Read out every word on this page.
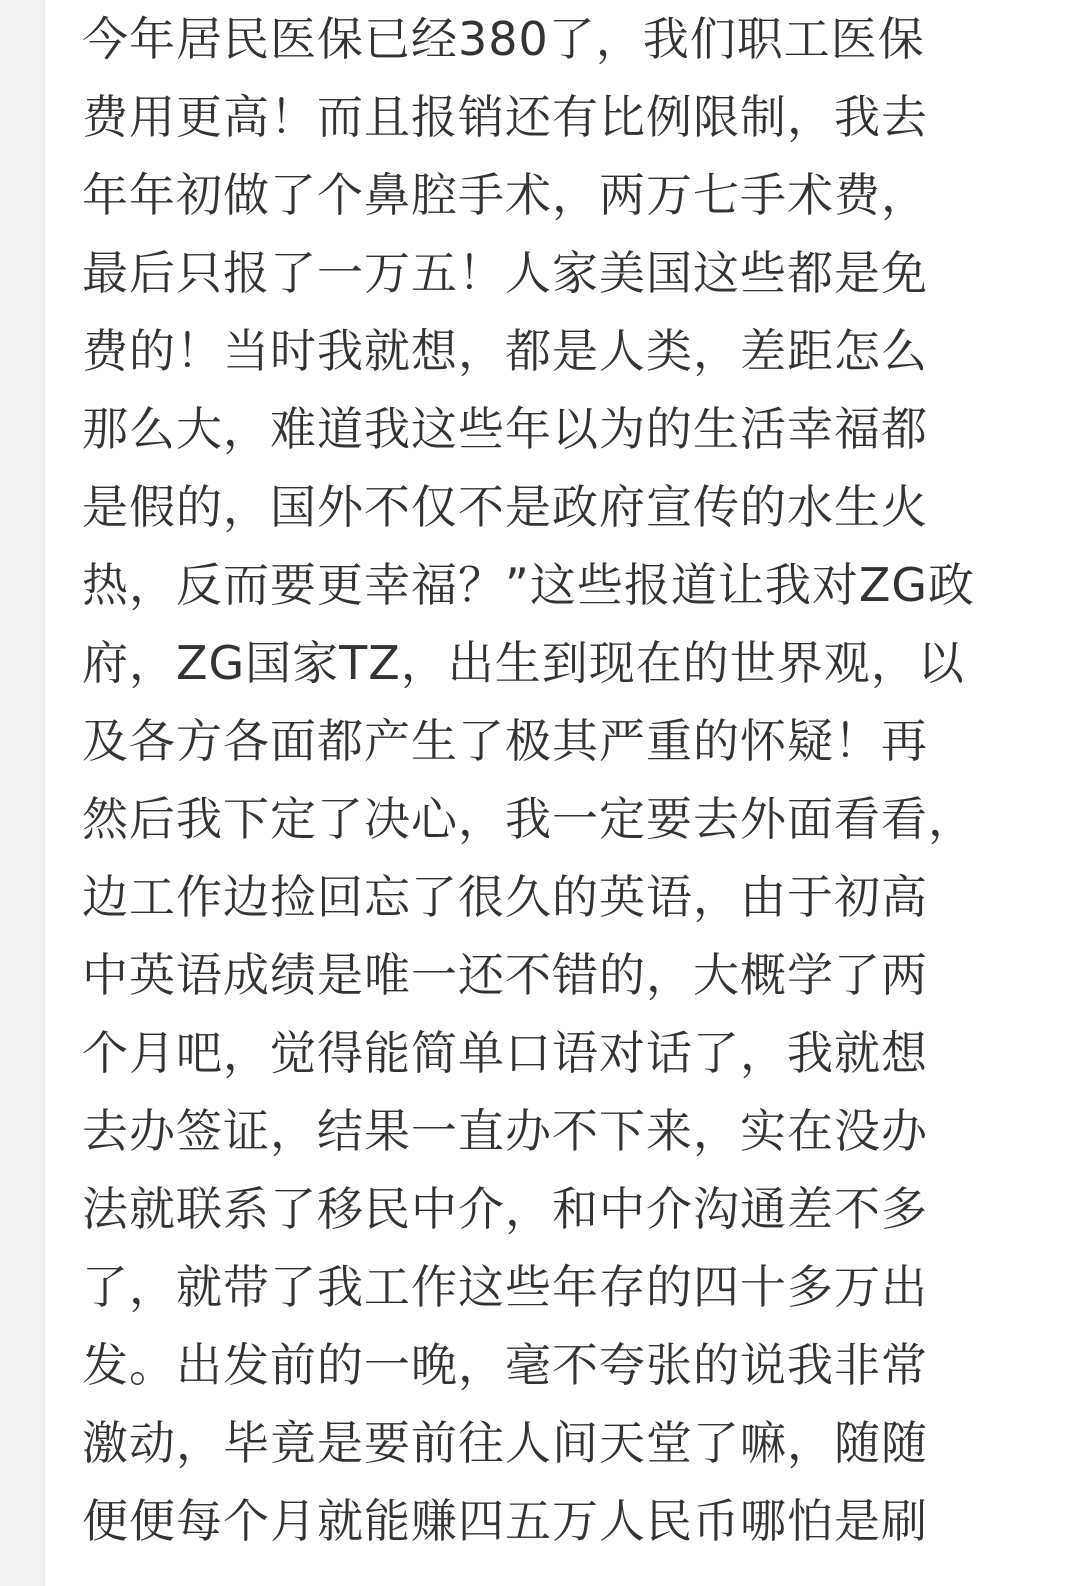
今年居民医保已经380了，我们职工医保
费用更高！而且报销还有比例限制，我去
年年初做了个鼻腔手术，两万七手术费，
最后只报了一万五！人家美国这些都是免
费的！当时我就想，都是人类，差距怎么
那么大，难道我这些年以为的生活幸福都
是假的，国外不仅不是政府宣传的水生火
热，反而要更幸福？”这些报道让我对ZG政
府，ZG国家TZ，出生到现在的世界观，以
及各方各面都产生了极其严重的怀疑！再
然后我下定了决心，我一定要去外面看看，
边工作边捡回忘了很久的英语，由于初高
中英语成绩是唯一还不错的，大概学了两
个月吧，觉得能简单口语对话了，我就想
去办签证，结果一直办不下来，实在没办
法就联系了移民中介，和中介沟通差不多
了，就带了我工作这些年存的四十多万出
发。出发前的一晚，毫不夸张的说我非常
激动，毕竟是要前往人间天堂了嘛，随随
便便每个月就能赚四五万人民币哪怕是刷
